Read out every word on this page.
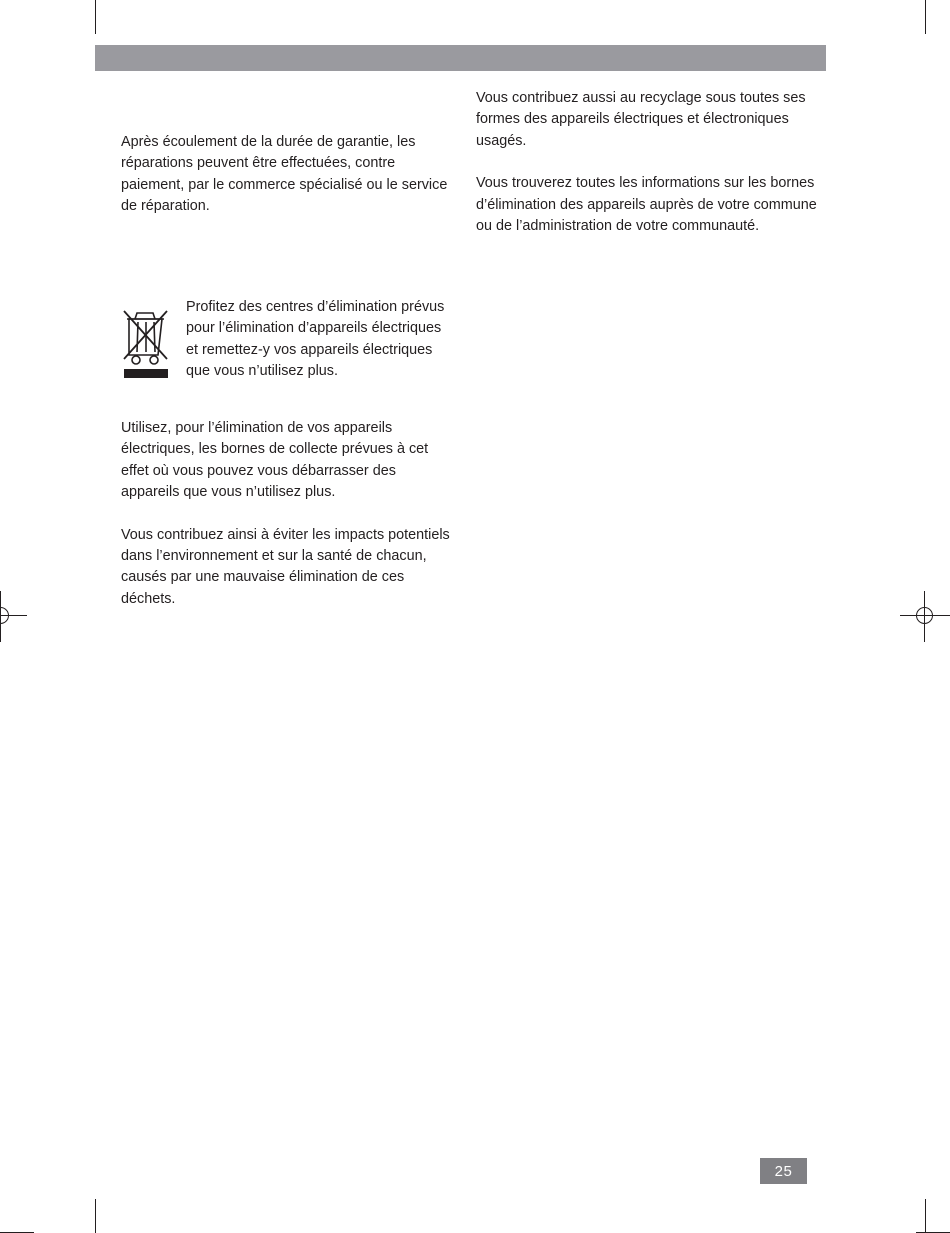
Après écoulement de la durée de garantie, les réparations peuvent être effectuées, contre paiement, par le commerce spécialisé ou le service de réparation.

Vous contribuez aussi au recyclage sous toutes ses formes des appareils électriques et électroniques usagés.

Vous trouverez toutes les informations sur les bornes d’élimination des appareils auprès de votre commune ou de l’administration de votre communauté.

Profitez des centres d’élimination prévus pour l’élimination d’appareils électriques et remettez-y vos appareils électriques que vous n’utilisez plus.

Utilisez, pour l’élimination de vos appareils électriques, les bornes de collecte prévues à cet effet où vous pouvez vous débarrasser des appareils que vous n’utilisez plus.

Vous contribuez ainsi à éviter les impacts potentiels dans l’environnement et sur la santé de chacun, causés par une mauvaise élimination de ces déchets.

25
